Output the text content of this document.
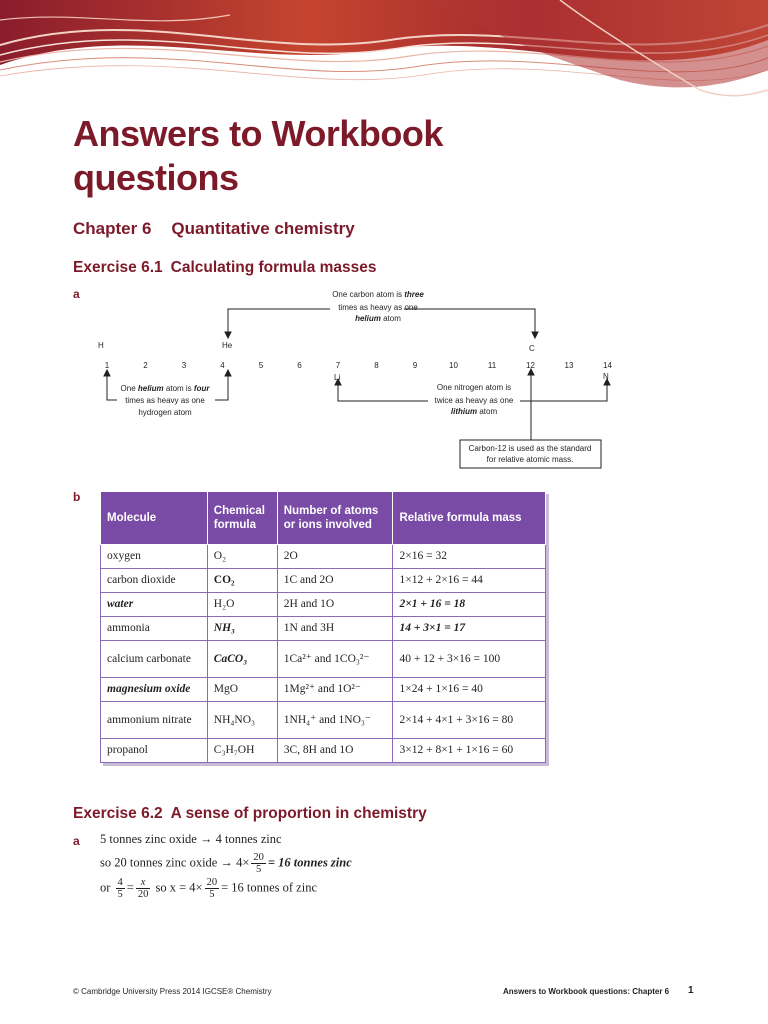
Answers to Workbook
questions
Chapter 6 Quantitative chemistry
Exercise 6.1 Calculating formula masses
a
H	He	C
Li	N
1	2	3	4	5	6	7	8	9	10	11	12	13	14
One carbon atom is three
times as heavy as one
helium atom
One helium atom is four
times as heavy as one
hydrogen atom
One nitrogen atom is
twice as heavy as one
lithium atom
Carbon-12 is used as the standard
for relative atomic mass.
b
Molecule	Chemical formula	Number of atoms or ions involved	Relative formula mass
oxygen	O₂	2O	2×16 = 32
carbon dioxide	CO₂	1C and 2O	1×12 + 2×16 = 44
water	H₂O	2H and 1O	2×1 + 16 = 18
ammonia	NH₃	1N and 3H	14 + 3×1 = 17
calcium carbonate	CaCO₃	1Ca²⁺ and 1CO₃²⁻	40 + 12 + 3×16 = 100
magnesium oxide	MgO	1Mg²⁺ and 1O²⁻	1×24 + 1×16 = 40
ammonium nitrate	NH₄NO₃	1NH₄⁺ and 1NO₃⁻	2×14 + 4×1 + 3×16 = 80
propanol	C₃H₇OH	3C, 8H and 1O	3×12 + 8×1 + 1×16 = 60
Exercise 6.2 A sense of proportion in chemistry
a 5 tonnes zinc oxide → 4 tonnes zinc
so 20 tonnes zinc oxide → $4\times \frac{20}{5} = 16$ tonnes zinc
or $\frac{4}{5} = \frac{x}{20}$ so $x = 4\times \frac{20}{5} = 16$ tonnes of zinc
© Cambridge University Press 2014 IGCSE® Chemistry	Answers to Workbook questions: Chapter 6 1
